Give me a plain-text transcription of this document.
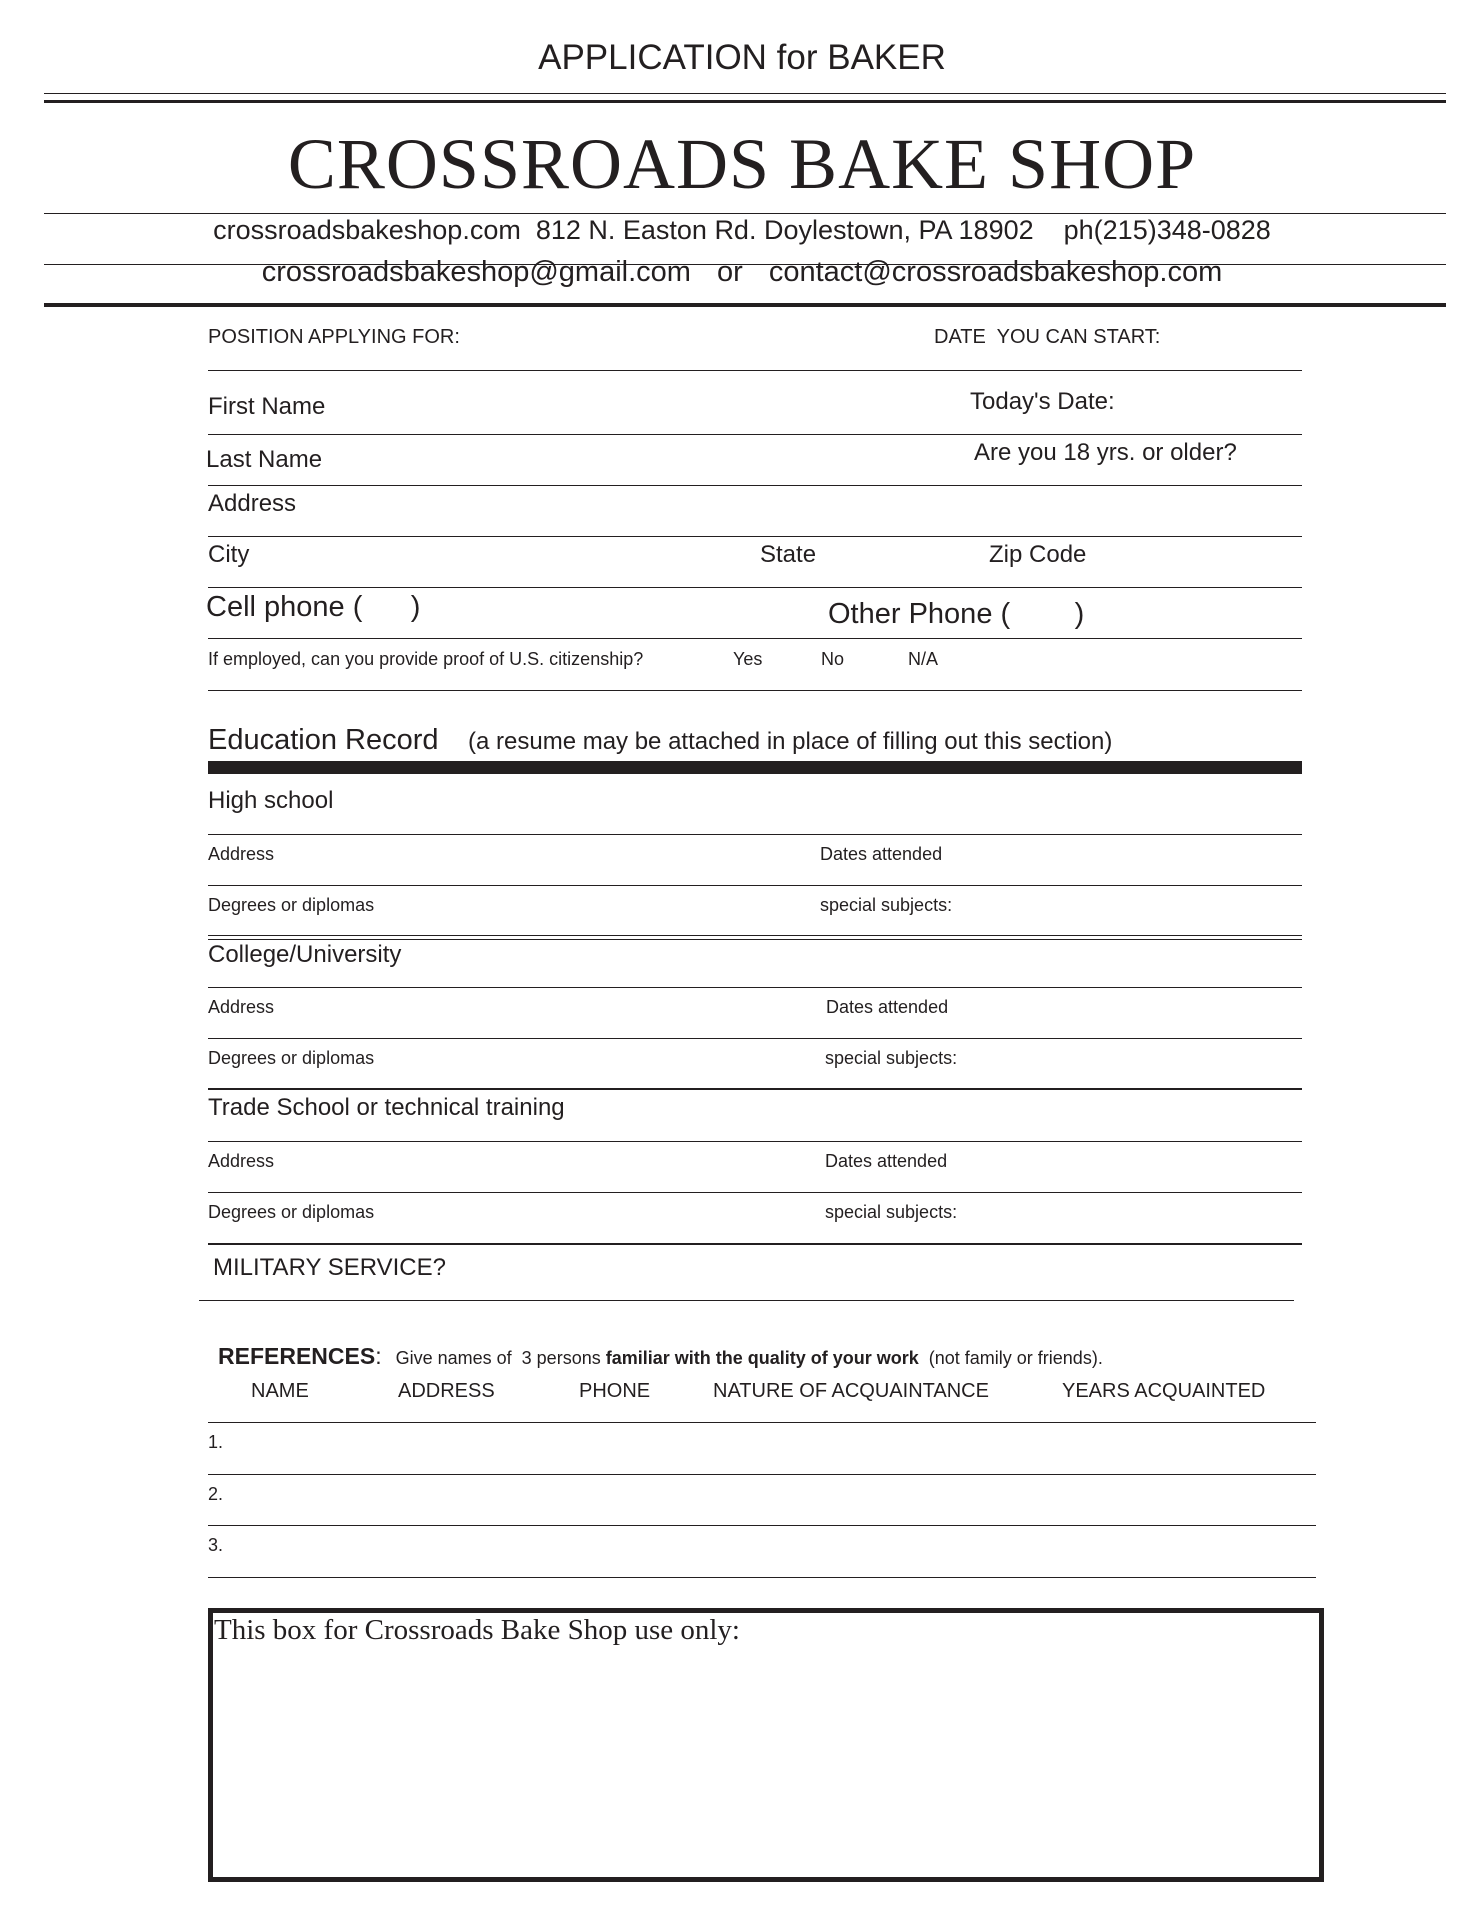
APPLICATION for BAKER
CROSSROADS BAKE SHOP
crossroadsbakeshop.com  812 N. Easton Rd. Doylestown, PA 18902    ph(215)348-0828
crossroadsbakeshop@gmail.com or contact@crossroadsbakeshop.com
POSITION APPLYING FOR:	DATE  YOU CAN START:
First Name	Today's Date:
Last Name	Are you 18 yrs. or older?
Address
City	State	Zip Code
Cell phone (      )	Other Phone (        )
If employed, can you provide proof of U.S. citizenship?	Yes	No	N/A
Education Record (a resume may be attached in place of filling out this section)
High school
Address	Dates attended
Degrees or diplomas	special subjects:
College/University
Address	Dates attended
Degrees or diplomas	special subjects:
Trade School or technical training
Address	Dates attended
Degrees or diplomas	special subjects:
MILITARY SERVICE?

REFERENCES: Give names of  3 persons familiar with the quality of your work  (not family or friends).

NAME	ADDRESS	PHONE	NATURE OF ACQUAINTANCE	YEARS ACQUAINTED
1.
2.
3.
This box for Crossroads Bake Shop use only:
